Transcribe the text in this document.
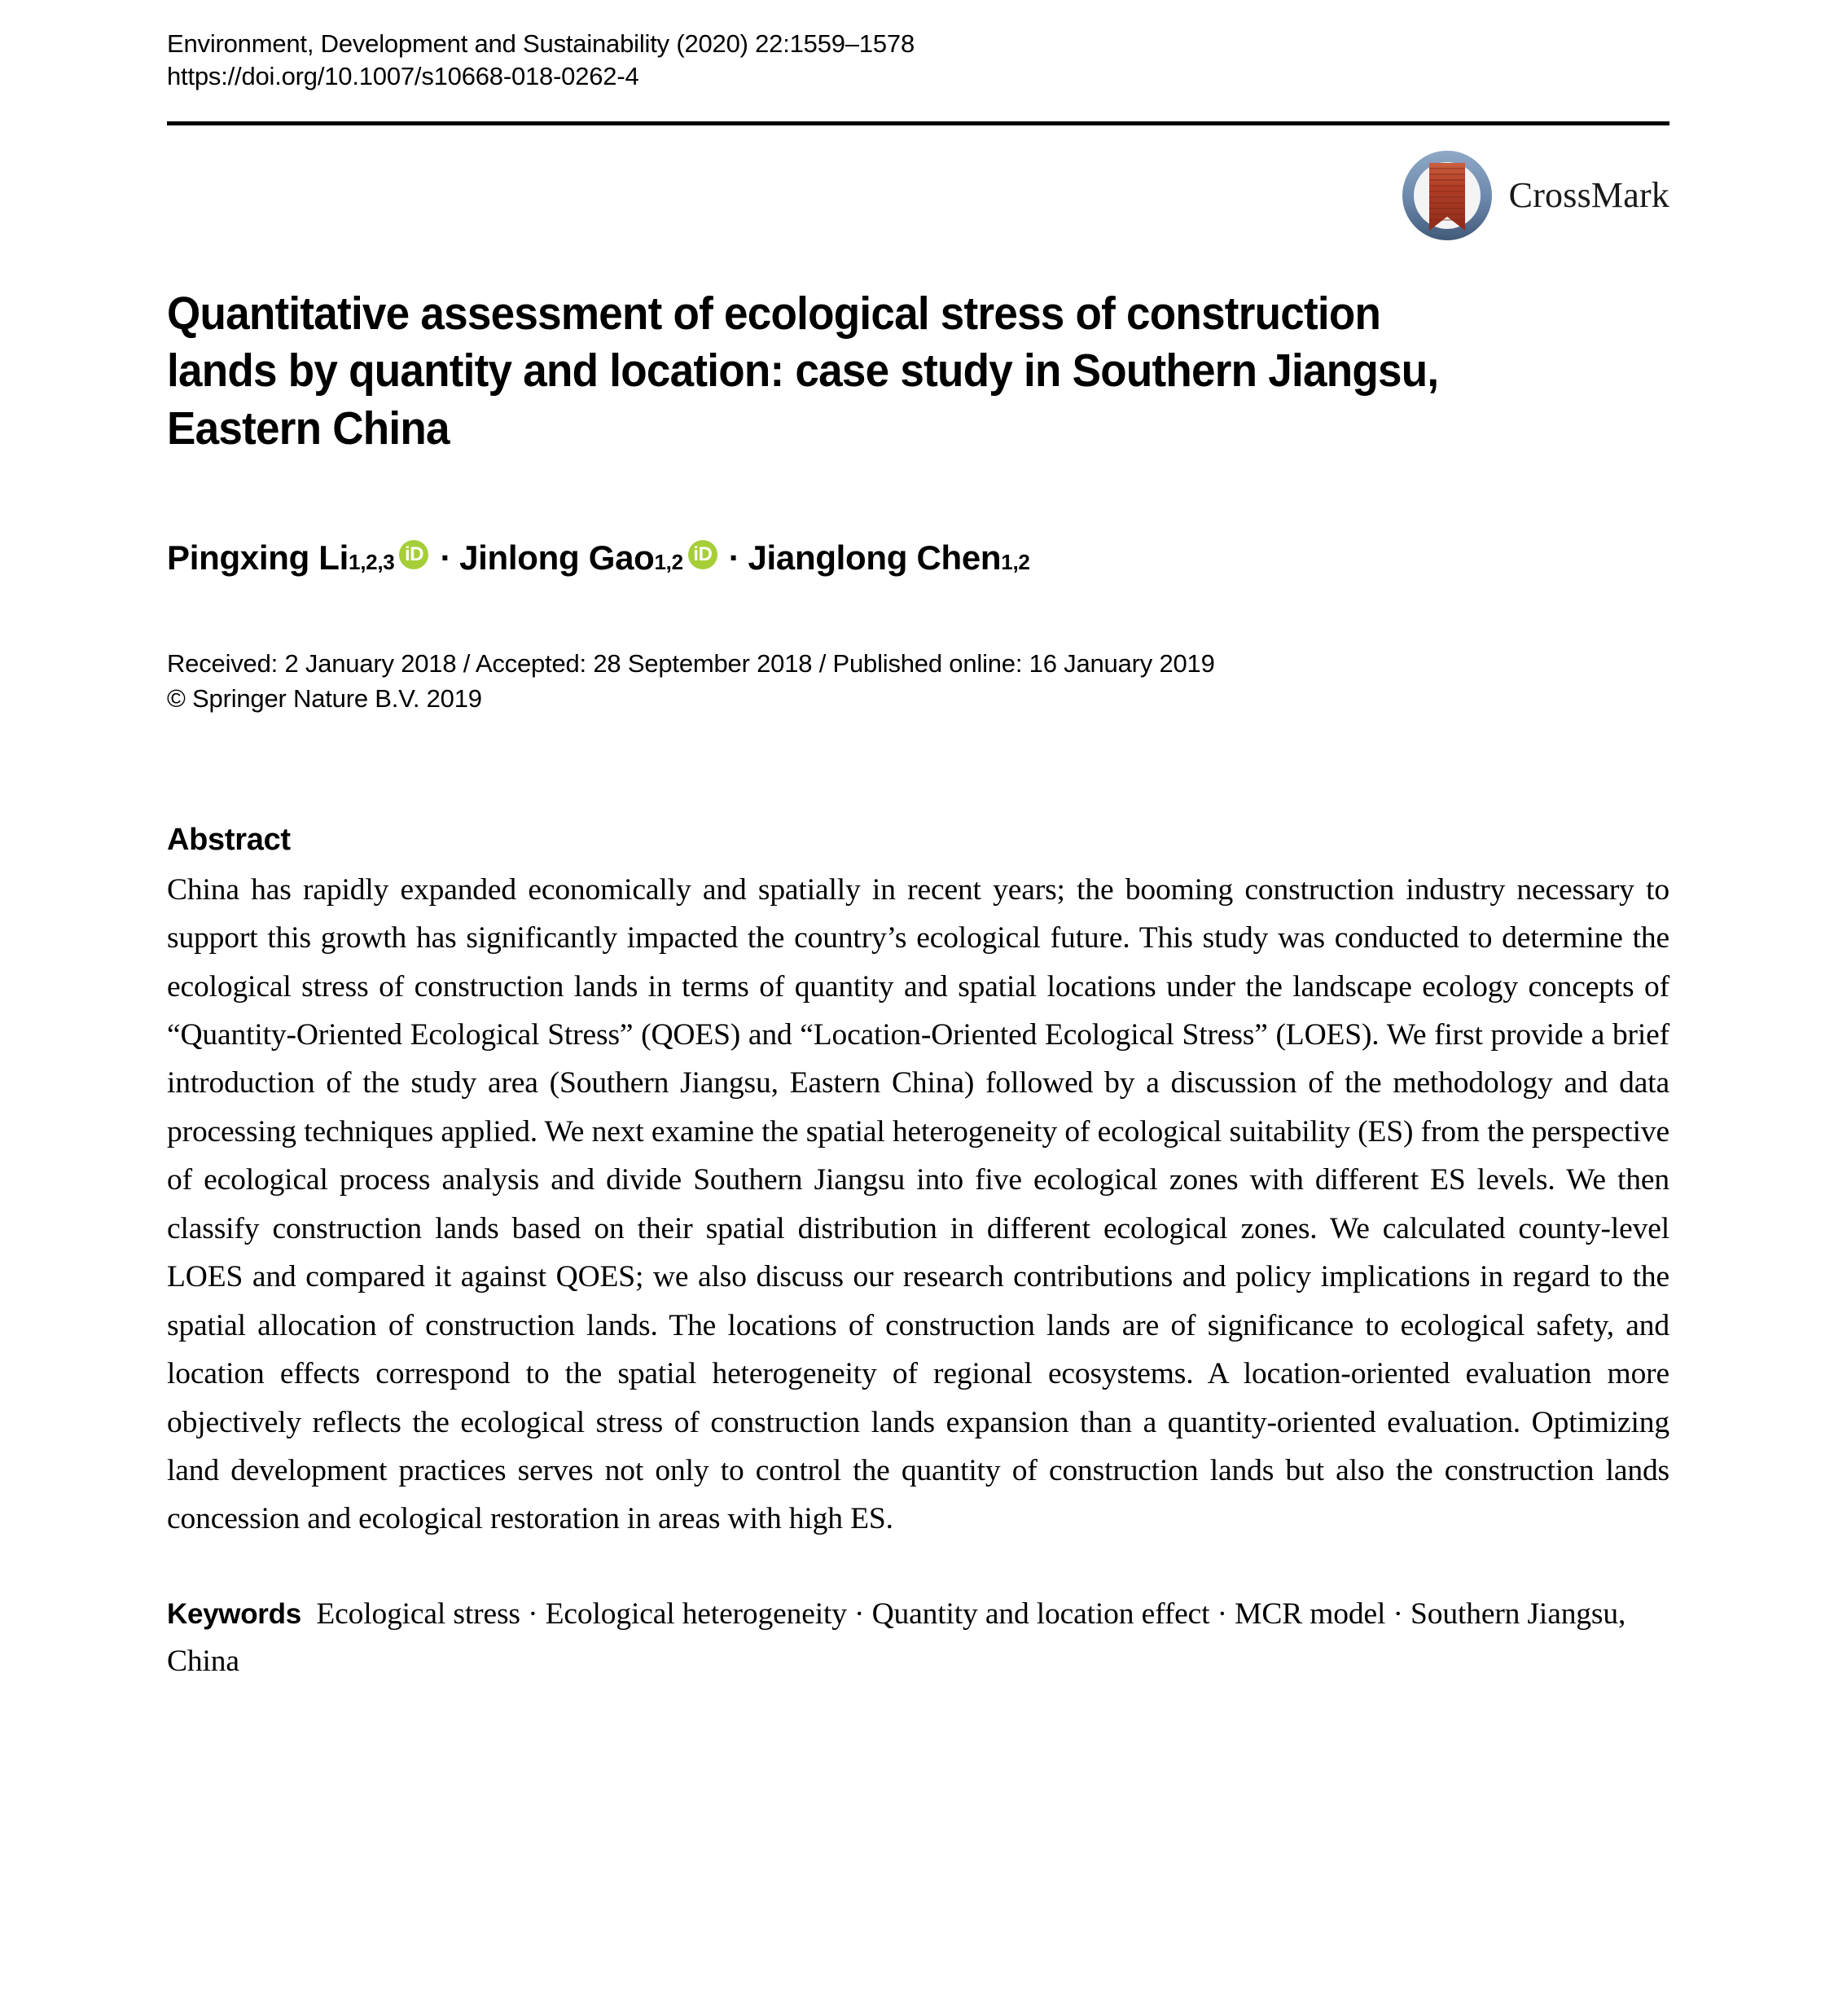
Environment, Development and Sustainability (2020) 22:1559–1578
https://doi.org/10.1007/s10668-018-0262-4
CrossMark
Quantitative assessment of ecological stress of construction lands by quantity and location: case study in Southern Jiangsu, Eastern China
Pingxing Li 1,2,3 iD · Jinlong Gao 1,2 iD · Jianglong Chen 1,2
Received: 2 January 2018 / Accepted: 28 September 2018 / Published online: 16 January 2019
© Springer Nature B.V. 2019
Abstract
China has rapidly expanded economically and spatially in recent years; the booming construction industry necessary to support this growth has significantly impacted the country’s ecological future. This study was conducted to determine the ecological stress of construction lands in terms of quantity and spatial locations under the landscape ecology concepts of “Quantity-Oriented Ecological Stress” (QOES) and “Location-Oriented Ecological Stress” (LOES). We first provide a brief introduction of the study area (Southern Jiangsu, Eastern China) followed by a discussion of the methodology and data processing techniques applied. We next examine the spatial heterogeneity of ecological suitability (ES) from the perspective of ecological process analysis and divide Southern Jiangsu into five ecological zones with different ES levels. We then classify construction lands based on their spatial distribution in different ecological zones. We calculated county-level LOES and compared it against QOES; we also discuss our research contributions and policy implications in regard to the spatial allocation of construction lands. The locations of construction lands are of significance to ecological safety, and location effects correspond to the spatial heterogeneity of regional ecosystems. A location-oriented evaluation more objectively reflects the ecological stress of construction lands expansion than a quantity-oriented evaluation. Optimizing land development practices serves not only to control the quantity of construction lands but also the construction lands concession and ecological restoration in areas with high ES.
Keywords Ecological stress · Ecological heterogeneity · Quantity and location effect · MCR model · Southern Jiangsu, China
